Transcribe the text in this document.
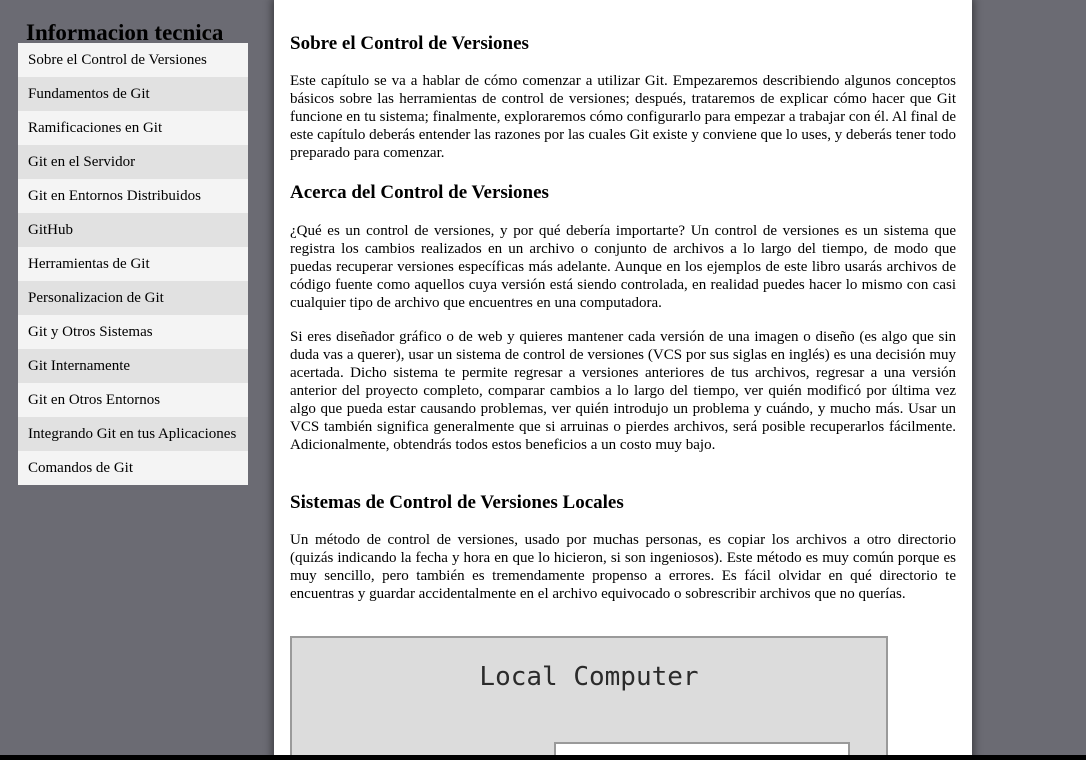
Informacion tecnica
Sobre el Control de Versiones
Fundamentos de Git
Ramificaciones en Git
Git en el Servidor
Git en Entornos Distribuidos
GitHub
Herramientas de Git
Personalizacion de Git
Git y Otros Sistemas
Git Internamente
Git en Otros Entornos
Integrando Git en tus Aplicaciones
Comandos de Git
Sobre el Control de Versiones

Este capítulo se va a hablar de cómo comenzar a utilizar Git. Empezaremos describiendo algunos conceptos básicos sobre las herramientas de control de versiones; después, trataremos de explicar cómo hacer que Git funcione en tu sistema; finalmente, exploraremos cómo configurarlo para empezar a trabajar con él. Al final de este capítulo deberás entender las razones por las cuales Git existe y conviene que lo uses, y deberás tener todo preparado para comenzar.

Acerca del Control de Versiones

¿Qué es un control de versiones, y por qué debería importarte? Un control de versiones es un sistema que registra los cambios realizados en un archivo o conjunto de archivos a lo largo del tiempo, de modo que puedas recuperar versiones específicas más adelante. Aunque en los ejemplos de este libro usarás archivos de código fuente como aquellos cuya versión está siendo controlada, en realidad puedes hacer lo mismo con casi cualquier tipo de archivo que encuentres en una computadora.

Si eres diseñador gráfico o de web y quieres mantener cada versión de una imagen o diseño (es algo que sin duda vas a querer), usar un sistema de control de versiones (VCS por sus siglas en inglés) es una decisión muy acertada. Dicho sistema te permite regresar a versiones anteriores de tus archivos, regresar a una versión anterior del proyecto completo, comparar cambios a lo largo del tiempo, ver quién modificó por última vez algo que pueda estar causando problemas, ver quién introdujo un problema y cuándo, y mucho más. Usar un VCS también significa generalmente que si arruinas o pierdes archivos, será posible recuperarlos fácilmente. Adicionalmente, obtendrás todos estos beneficios a un costo muy bajo.

Sistemas de Control de Versiones Locales

Un método de control de versiones, usado por muchas personas, es copiar los archivos a otro directorio (quizás indicando la fecha y hora en que lo hicieron, si son ingeniosos). Este método es muy común porque es muy sencillo, pero también es tremendamente propenso a errores. Es fácil olvidar en qué directorio te encuentras y guardar accidentalmente en el archivo equivocado o sobrescribir archivos que no querías.

Local Computer
